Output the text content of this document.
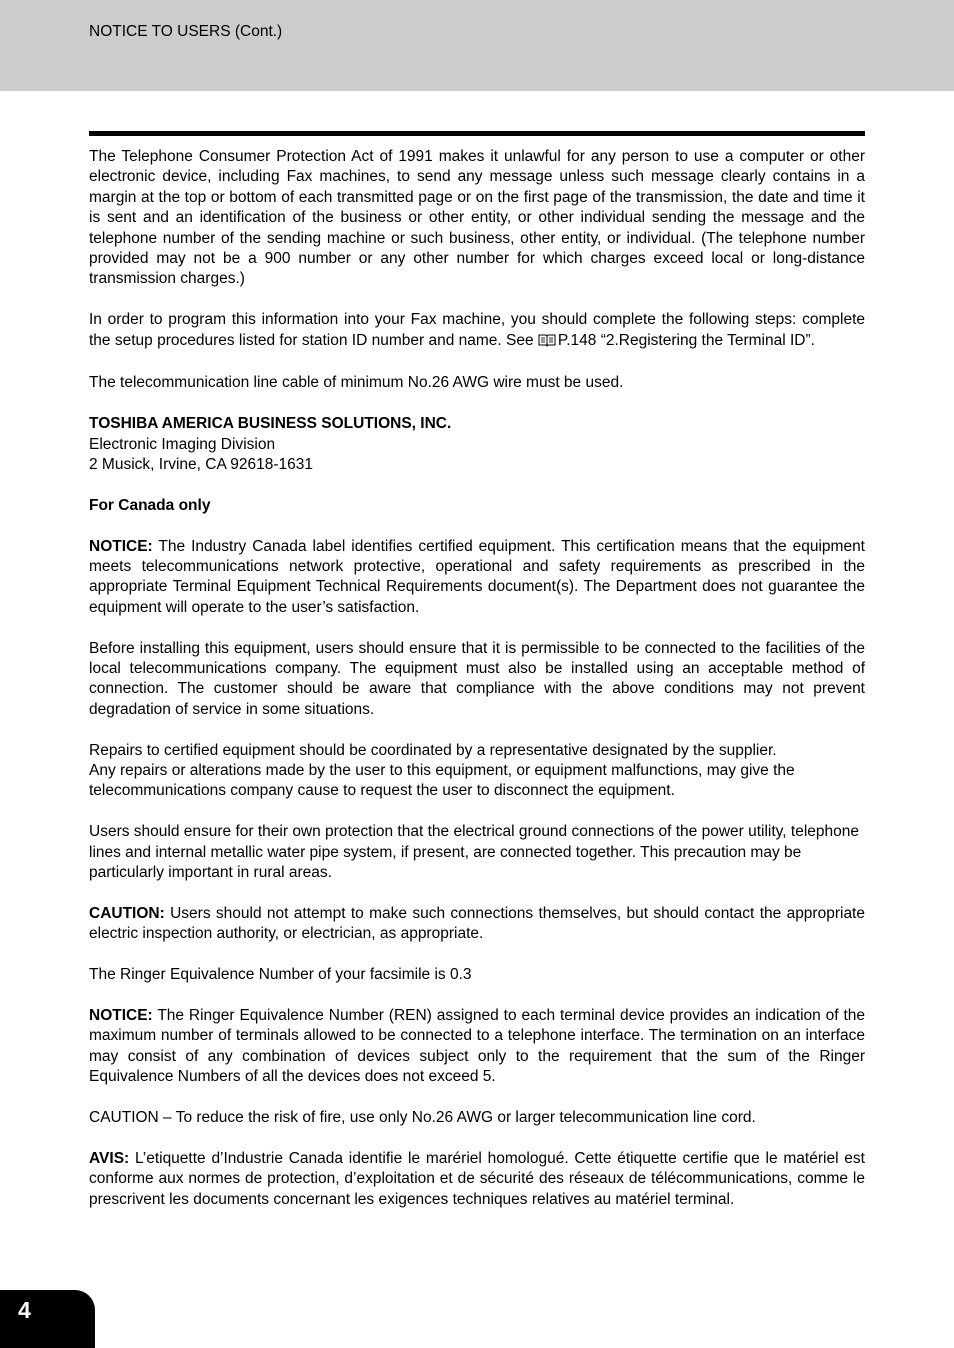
NOTICE TO USERS (Cont.)

The Telephone Consumer Protection Act of 1991 makes it unlawful for any person to use a computer or other electronic device, including Fax machines, to send any message unless such message clearly contains in a margin at the top or bottom of each transmitted page or on the first page of the transmission, the date and time it is sent and an identification of the business or other entity, or other individual sending the message and the telephone number of the sending machine or such business, other entity, or individual. (The telephone number provided may not be a 900 number or any other number for which charges exceed local or long-distance transmission charges.)

In order to program this information into your Fax machine, you should complete the following steps: complete the setup procedures listed for station ID number and name. See P.148 “2.Registering the Terminal ID”.

The telecommunication line cable of minimum No.26 AWG wire must be used.

TOSHIBA AMERICA BUSINESS SOLUTIONS, INC.
Electronic Imaging Division
2 Musick, Irvine, CA 92618-1631

For Canada only

NOTICE: The Industry Canada label identifies certified equipment. This certification means that the equipment meets telecommunications network protective, operational and safety requirements as prescribed in the appropriate Terminal Equipment Technical Requirements document(s). The Department does not guarantee the equipment will operate to the user’s satisfaction.

Before installing this equipment, users should ensure that it is permissible to be connected to the facilities of the local telecommunications company. The equipment must also be installed using an acceptable method of connection. The customer should be aware that compliance with the above conditions may not prevent degradation of service in some situations.

Repairs to certified equipment should be coordinated by a representative designated by the supplier.
Any repairs or alterations made by the user to this equipment, or equipment malfunctions, may give the telecommunications company cause to request the user to disconnect the equipment.

Users should ensure for their own protection that the electrical ground connections of the power utility, telephone lines and internal metallic water pipe system, if present, are connected together. This precaution may be particularly important in rural areas.

CAUTION: Users should not attempt to make such connections themselves, but should contact the appropriate electric inspection authority, or electrician, as appropriate.

The Ringer Equivalence Number of your facsimile is 0.3

NOTICE: The Ringer Equivalence Number (REN) assigned to each terminal device provides an indication of the maximum number of terminals allowed to be connected to a telephone interface. The termination on an interface may consist of any combination of devices subject only to the requirement that the sum of the Ringer Equivalence Numbers of all the devices does not exceed 5.

CAUTION – To reduce the risk of fire, use only No.26 AWG or larger telecommunication line cord.

AVIS: L’etiquette d’Industrie Canada identifie le marériel homologué. Cette étiquette certifie que le matériel est conforme aux normes de protection, d’exploitation et de sécurité des réseaux de télécommunications, comme le prescrivent les documents concernant les exigences techniques relatives au matériel terminal.

4
